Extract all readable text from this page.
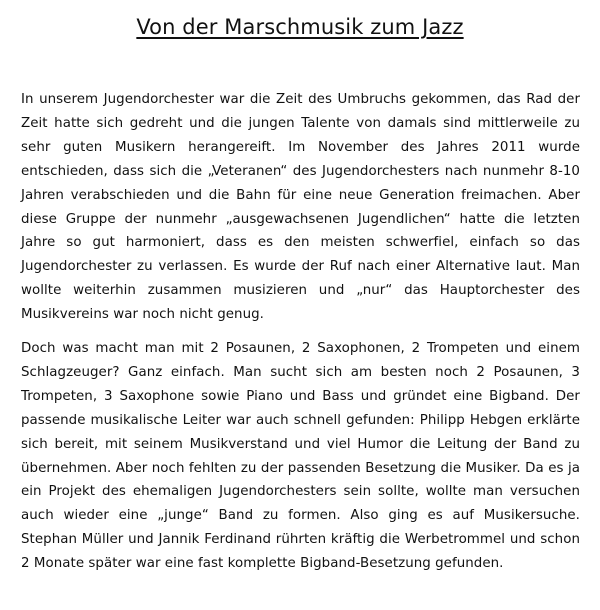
Von der Marschmusik zum Jazz

In unserem Jugendorchester war die Zeit des Umbruchs gekommen, das Rad der Zeit hatte sich gedreht und die jungen Talente von damals sind mittlerweile zu sehr guten Musikern herangereift. Im November des Jahres 2011 wurde entschieden, dass sich die „Veteranen“ des Jugendorchesters nach nunmehr 8-10 Jahren verabschieden und die Bahn für eine neue Generation freimachen. Aber diese Gruppe der nunmehr „ausgewachsenen Jugendlichen“ hatte die letzten Jahre so gut harmoniert, dass es den meisten schwerfiel, einfach so das Jugendorchester zu verlassen. Es wurde der Ruf nach einer Alternative laut. Man wollte weiterhin zusammen musizieren und „nur“ das Hauptorchester des Musikvereins war noch nicht genug.

Doch was macht man mit 2 Posaunen, 2 Saxophonen, 2 Trompeten und einem Schlagzeuger? Ganz einfach. Man sucht sich am besten noch 2 Posaunen, 3 Trompeten, 3 Saxophone sowie Piano und Bass und gründet eine Bigband. Der passende musikalische Leiter war auch schnell gefunden: Philipp Hebgen erklärte sich bereit, mit seinem Musikverstand und viel Humor die Leitung der Band zu übernehmen. Aber noch fehlten zu der passenden Besetzung die Musiker. Da es ja ein Projekt des ehemaligen Jugendorchesters sein sollte, wollte man versuchen auch wieder eine „junge“ Band zu formen. Also ging es auf Musikersuche. Stephan Müller und Jannik Ferdinand rührten kräftig die Werbetrommel und schon 2 Monate später war eine fast komplette Bigband-Besetzung gefunden.
